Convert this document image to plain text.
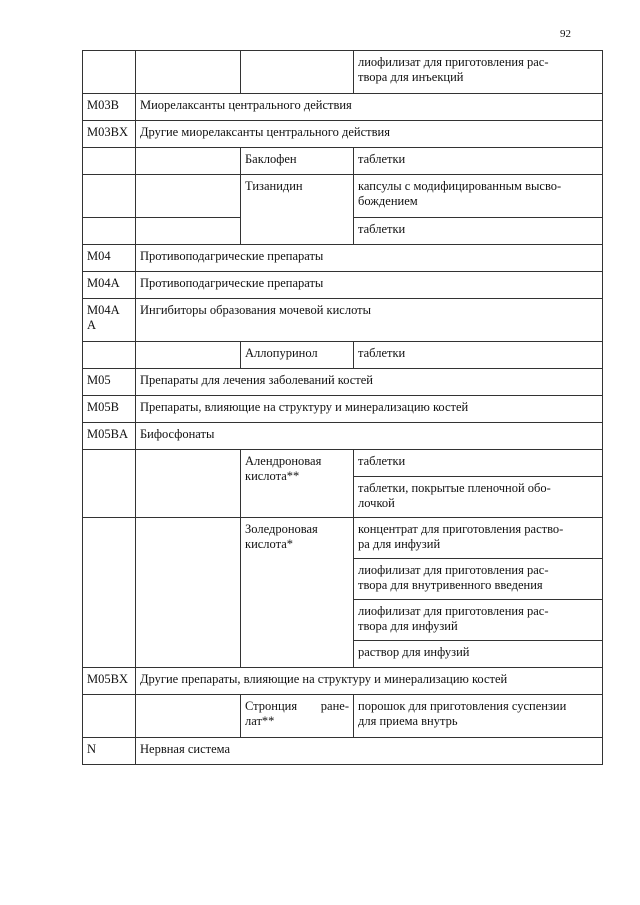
92
			лиофилизат для приготовления рас-
твора для инъекций
M03B	Миорелаксанты центрального действия		
M03BX	Другие миорелаксанты центрального действия		
		Баклофен	таблетки
		Тизанидин	капсулы с модифицированным высво-
бождением
			таблетки
M04	Противоподагрические препараты		
M04A	Противоподагрические препараты		
M04A
A	Ингибиторы образования мочевой кислоты		
		Аллопуринол	таблетки
M05	Препараты для лечения заболеваний костей		
M05B	Препараты, влияющие на структуру и минерализацию костей		
M05BA	Бифосфонаты		
		Алендроновая
кислота**	таблетки
			таблетки, покрытые пленочной обо-
лочкой
		Золедроновая
кислота*	концентрат для приготовления раство-
ра для инфузий
			лиофилизат для приготовления рас-
твора для внутривенного введения
			лиофилизат для приготовления рас-
твора для инфузий
			раствор для инфузий
M05BX	Другие препараты, влияющие на структуру и минерализацию костей		
		Стронция ране-
лат**	порошок для приготовления суспензии
для приема внутрь
N	Нервная система		
